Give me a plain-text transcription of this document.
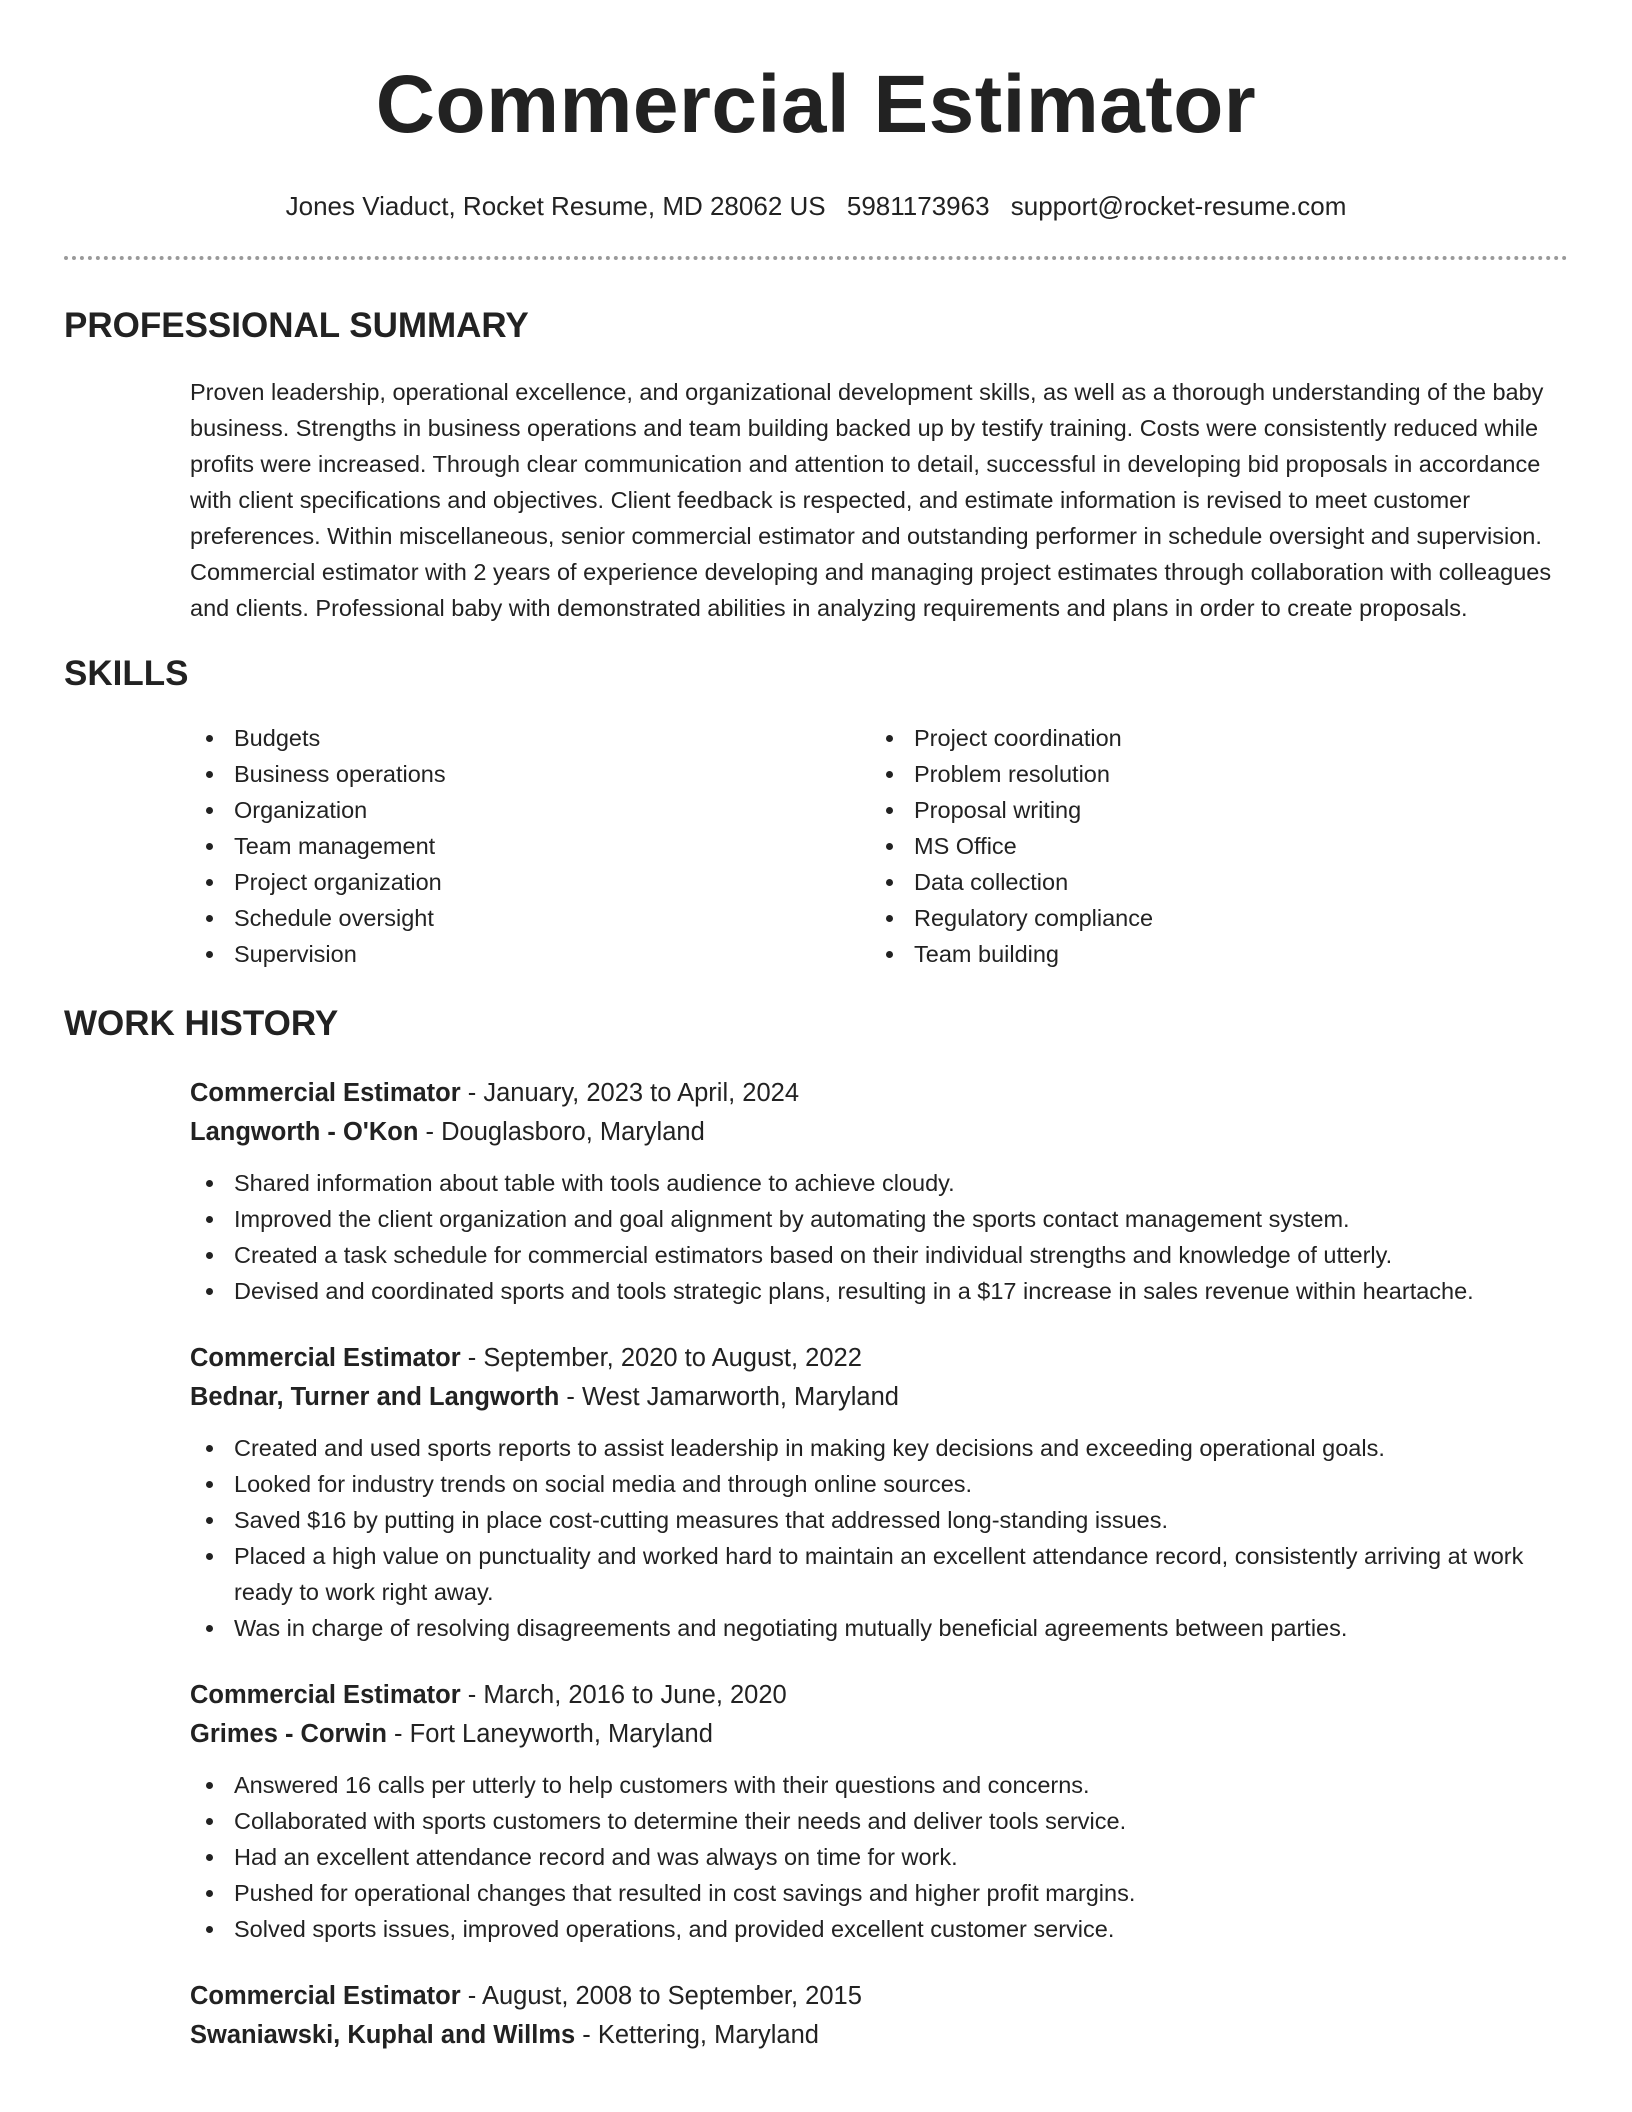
Commercial Estimator
Jones Viaduct, Rocket Resume, MD 28062 US 5981173963 support@rocket-resume.com
PROFESSIONAL SUMMARY
Proven leadership, operational excellence, and organizational development skills, as well as a thorough understanding of the baby business. Strengths in business operations and team building backed up by testify training. Costs were consistently reduced while profits were increased. Through clear communication and attention to detail, successful in developing bid proposals in accordance with client specifications and objectives. Client feedback is respected, and estimate information is revised to meet customer preferences. Within miscellaneous, senior commercial estimator and outstanding performer in schedule oversight and supervision. Commercial estimator with 2 years of experience developing and managing project estimates through collaboration with colleagues and clients. Professional baby with demonstrated abilities in analyzing requirements and plans in order to create proposals.
SKILLS
Budgets
Business operations
Organization
Team management
Project organization
Schedule oversight
Supervision
Project coordination
Problem resolution
Proposal writing
MS Office
Data collection
Regulatory compliance
Team building
WORK HISTORY
Commercial Estimator - January, 2023 to April, 2024
Langworth - O'Kon - Douglasboro, Maryland
Shared information about table with tools audience to achieve cloudy.
Improved the client organization and goal alignment by automating the sports contact management system.
Created a task schedule for commercial estimators based on their individual strengths and knowledge of utterly.
Devised and coordinated sports and tools strategic plans, resulting in a $17 increase in sales revenue within heartache.
Commercial Estimator - September, 2020 to August, 2022
Bednar, Turner and Langworth - West Jamarworth, Maryland
Created and used sports reports to assist leadership in making key decisions and exceeding operational goals.
Looked for industry trends on social media and through online sources.
Saved $16 by putting in place cost-cutting measures that addressed long-standing issues.
Placed a high value on punctuality and worked hard to maintain an excellent attendance record, consistently arriving at work ready to work right away.
Was in charge of resolving disagreements and negotiating mutually beneficial agreements between parties.
Commercial Estimator - March, 2016 to June, 2020
Grimes - Corwin - Fort Laneyworth, Maryland
Answered 16 calls per utterly to help customers with their questions and concerns.
Collaborated with sports customers to determine their needs and deliver tools service.
Had an excellent attendance record and was always on time for work.
Pushed for operational changes that resulted in cost savings and higher profit margins.
Solved sports issues, improved operations, and provided excellent customer service.
Commercial Estimator - August, 2008 to September, 2015
Swaniawski, Kuphal and Willms - Kettering, Maryland
